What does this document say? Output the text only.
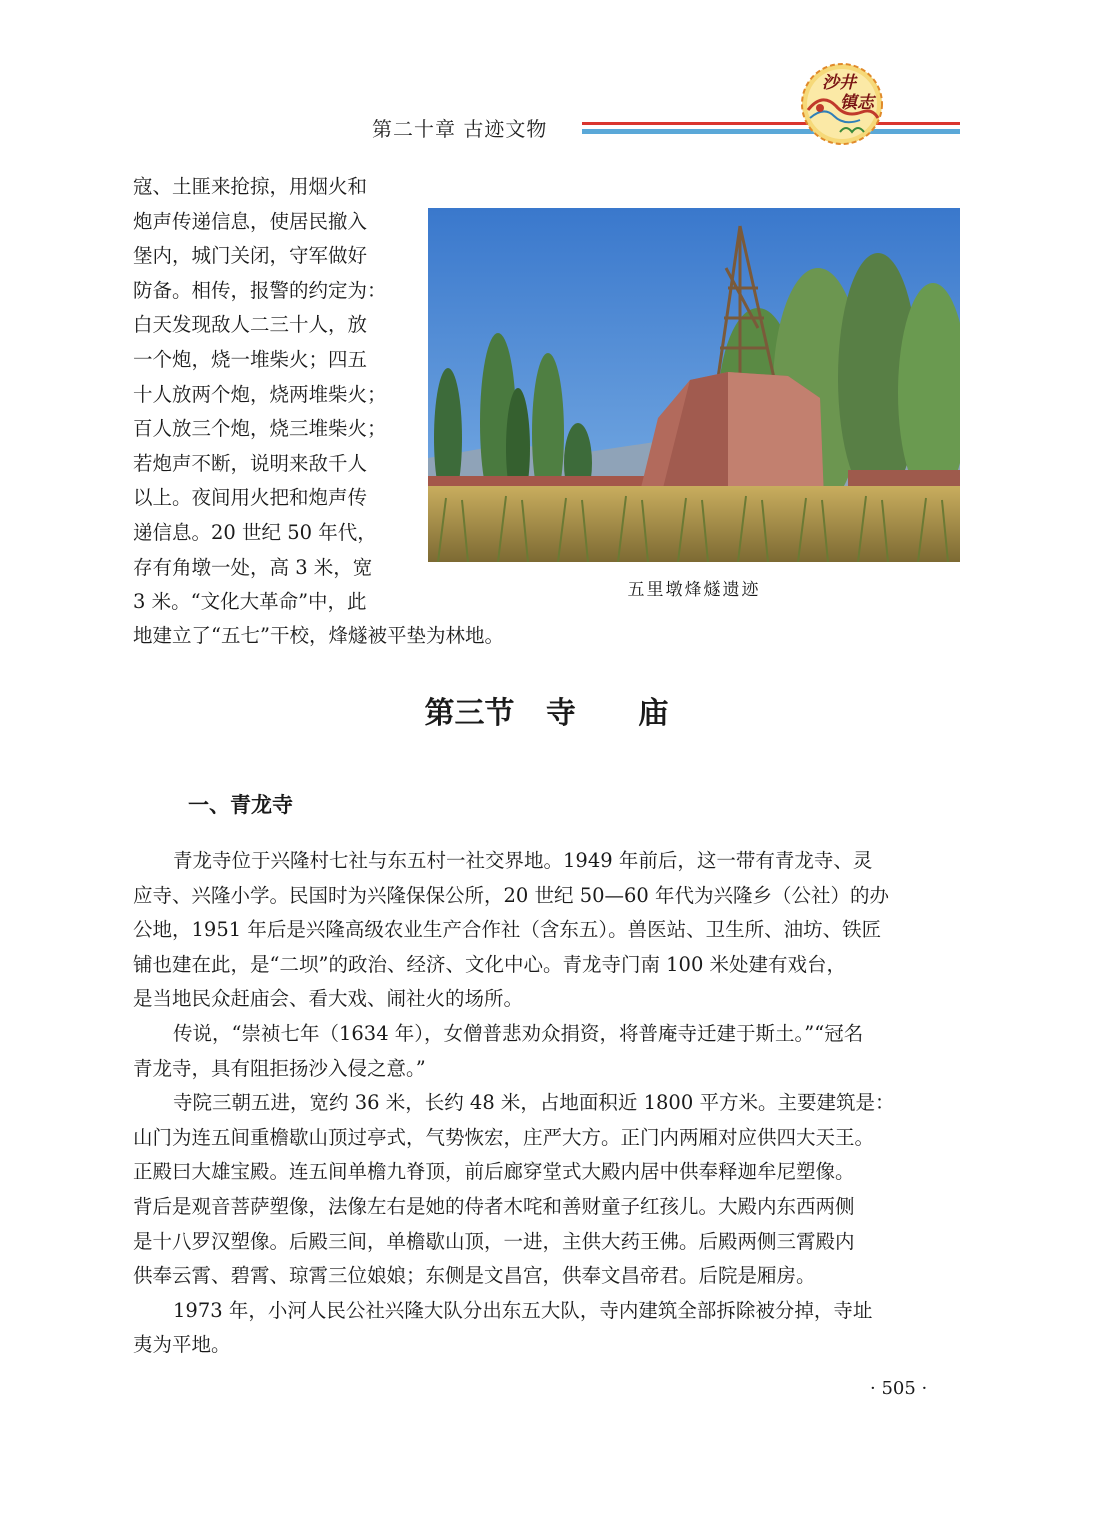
第二十章 古迹文物
沙井
镇志
寇、土匪来抢掠，用烟火和
炮声传递信息，使居民撤入
堡内，城门关闭，守军做好
防备。相传，报警的约定为：
白天发现敌人二三十人，放
一个炮，烧一堆柴火；四五
十人放两个炮，烧两堆柴火；
百人放三个炮，烧三堆柴火；
若炮声不断，说明来敌千人
以上。夜间用火把和炮声传
递信息。20 世纪 50 年代，
存有角墩一处，高 3 米，宽
3 米。“文化大革命”中，此
五里墩烽燧遗迹
地建立了“五七”干校，烽燧被平垫为林地。
第三节   寺      庙
一、青龙寺
青龙寺位于兴隆村七社与东五村一社交界地。1949 年前后，这一带有青龙寺、灵
应寺、兴隆小学。民国时为兴隆保保公所，20 世纪 50—60 年代为兴隆乡（公社）的办
公地，1951 年后是兴隆高级农业生产合作社（含东五）。兽医站、卫生所、油坊、铁匠
铺也建在此，是“二坝”的政治、经济、文化中心。青龙寺门南 100 米处建有戏台，
是当地民众赶庙会、看大戏、闹社火的场所。
传说，“崇祯七年（1634 年），女僧普悲劝众捐资，将普庵寺迁建于斯土。”“冠名
青龙寺，具有阻拒扬沙入侵之意。”
寺院三朝五进，宽约 36 米，长约 48 米，占地面积近 1800 平方米。主要建筑是：
山门为连五间重檐歇山顶过亭式，气势恢宏，庄严大方。正门内两厢对应供四大天王。
正殿曰大雄宝殿。连五间单檐九脊顶，前后廊穿堂式大殿内居中供奉释迦牟尼塑像。
背后是观音菩萨塑像，法像左右是她的侍者木咤和善财童子红孩儿。大殿内东西两侧
是十八罗汉塑像。后殿三间，单檐歇山顶，一进，主供大药王佛。后殿两侧三霄殿内
供奉云霄、碧霄、琼霄三位娘娘；东侧是文昌宫，供奉文昌帝君。后院是厢房。
1973 年，小河人民公社兴隆大队分出东五大队，寺内建筑全部拆除被分掉，寺址
夷为平地。
· 505 ·
